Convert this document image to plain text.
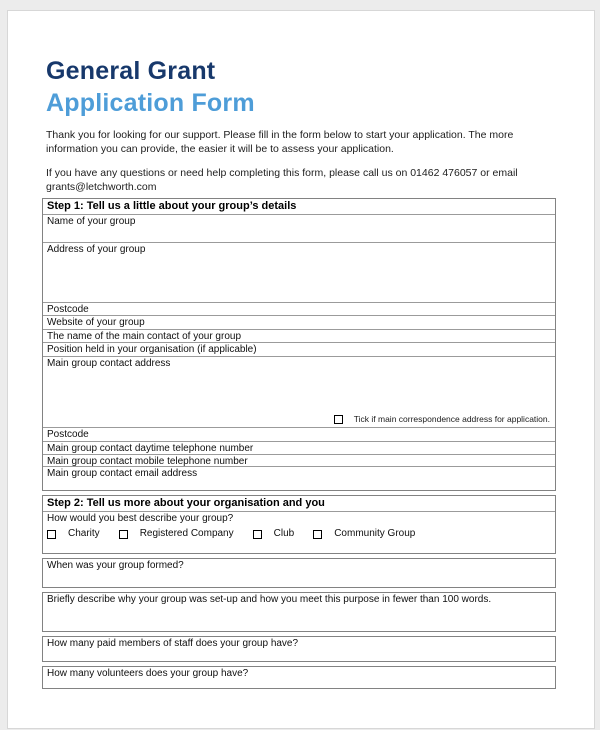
General Grant
Application Form

Thank you for looking for our support. Please fill in the form below to start your application. The more information you can provide, the easier it will be to assess your application.

If you have any questions or need help completing this form, please call us on 01462 476057 or email grants@letchworth.com

Step 1: Tell us a little about your group’s details
Name of your group
Address of your group
Postcode
Website of your group
The name of the main contact of your group
Position held in your organisation (if applicable)
Main group contact address
Tick if main correspondence address for application.
Postcode
Main group contact daytime telephone number
Main group contact mobile telephone number
Main group contact email address
Step 2: Tell us more about your organisation and you
How would you best describe your group?
Charity	Registered Company	Club	Community Group
When was your group formed?
Briefly describe why your group was set-up and how you meet this purpose in fewer than 100 words.
How many paid members of staff does your group have?
How many volunteers does your group have?
